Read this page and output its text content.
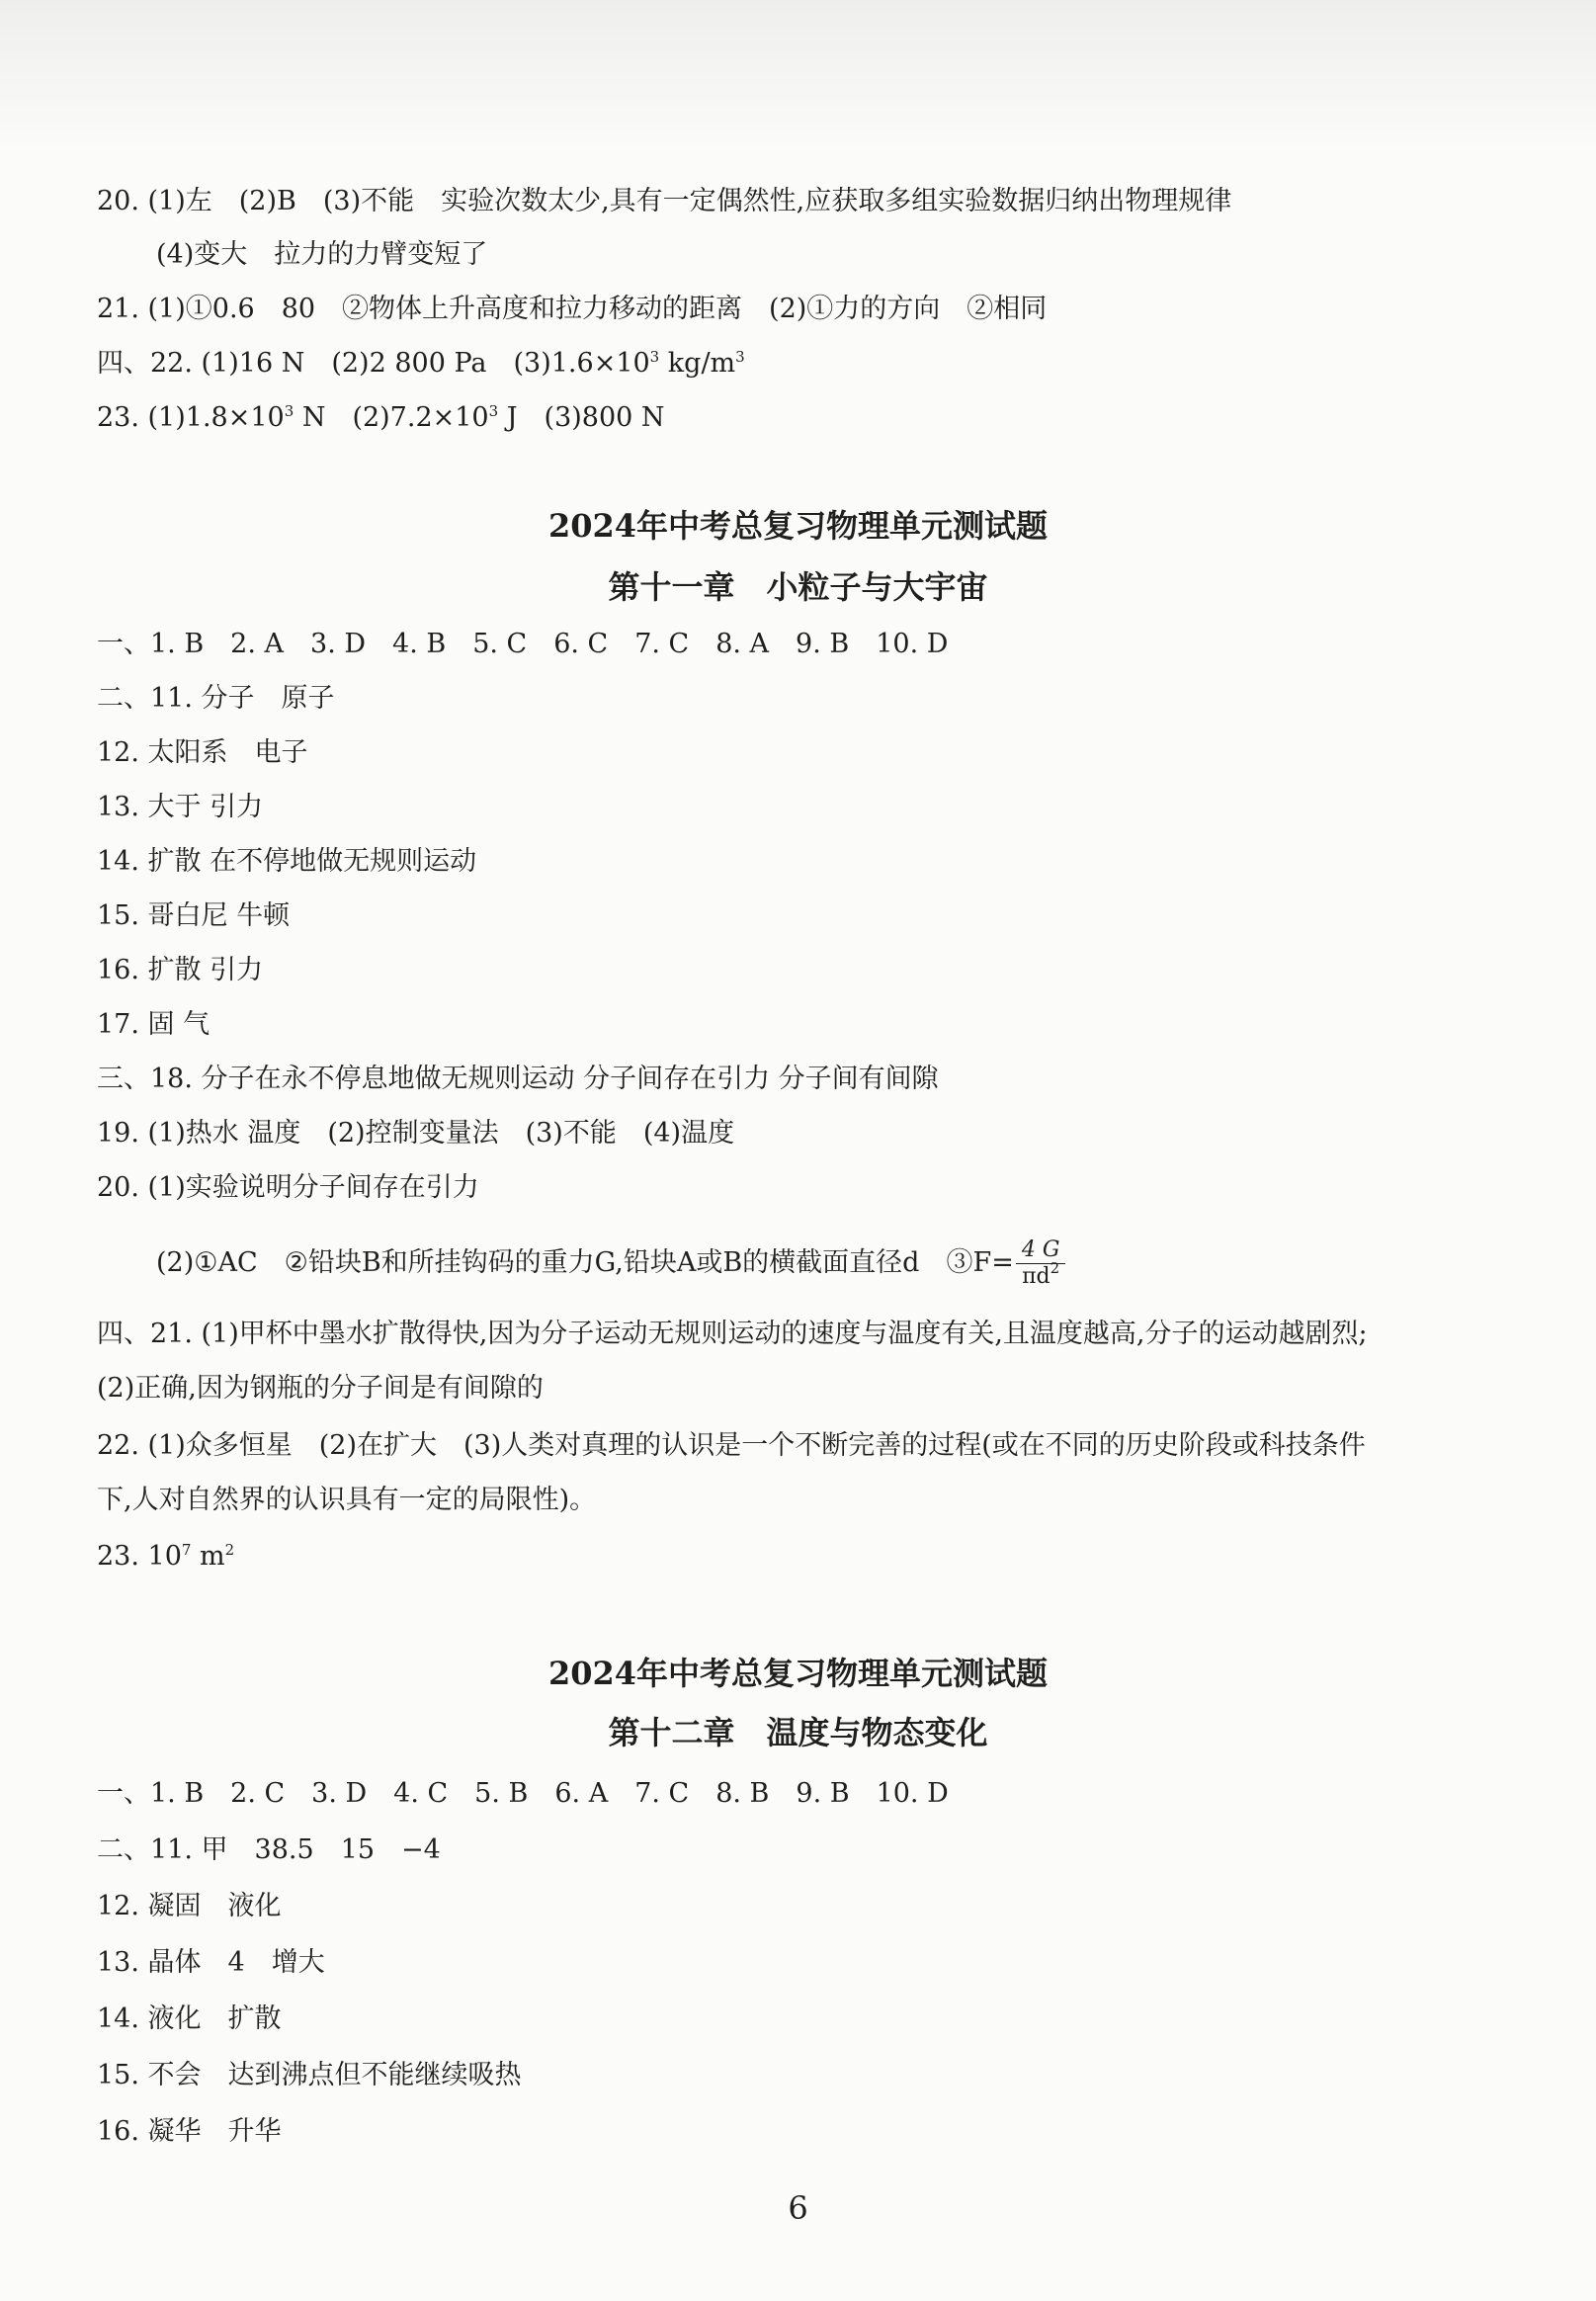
20. (1)左　(2)B　(3)不能　实验次数太少,具有一定偶然性,应获取多组实验数据归纳出物理规律
(4)变大　拉力的力臂变短了
21. (1)①0.6　80　②物体上升高度和拉力移动的距离　(2)①力的方向　②相同
四、22. (1)16 N　(2)2 800 Pa　$(3)1.6\times 10^3$ $kg/m^3$
23. $(1)1.8\times 10^3$ N　$(2)7.2\times 10^3$ J　(3)800 N
2024年中考总复习物理单元测试题
第十一章　小粒子与大宇宙
一、1. B　2. A　3. D　4. B　5. C　6. C　7. C　8. A　9. B　10. D
二、11. 分子　原子
12. 太阳系　电子
13. 大于 引力
14. 扩散 在不停地做无规则运动
15. 哥白尼 牛顿
16. 扩散 引力
17. 固 气
三、18. 分子在永不停息地做无规则运动 分子间存在引力 分子间有间隙
19. (1)热水 温度　(2)控制变量法　(3)不能　(4)温度
20. (1)实验说明分子间存在引力
(2)①AC　②铅块B和所挂钩码的重力G,铅块A或B的横截面直径d　③F= $\frac{4 G}{\pi d^2}$
四、21. (1)甲杯中墨水扩散得快,因为分子运动无规则运动的速度与温度有关,且温度越高,分子的运动越剧烈;
(2)正确,因为钢瓶的分子间是有间隙的
22. (1)众多恒星　(2)在扩大　(3)人类对真理的认识是一个不断完善的过程(或在不同的历史阶段或科技条件
下,人对自然界的认识具有一定的局限性)。
23. $10^7$ $m^2$
2024年中考总复习物理单元测试题
第十二章　温度与物态变化
一、1. B　2. C　3. D　4. C　5. B　6. A　7. C　8. B　9. B　10. D
二、11. 甲　38.5　15　−4
12. 凝固　液化
13. 晶体　4　增大
14. 液化　扩散
15. 不会　达到沸点但不能继续吸热
16. 凝华　升华
6
